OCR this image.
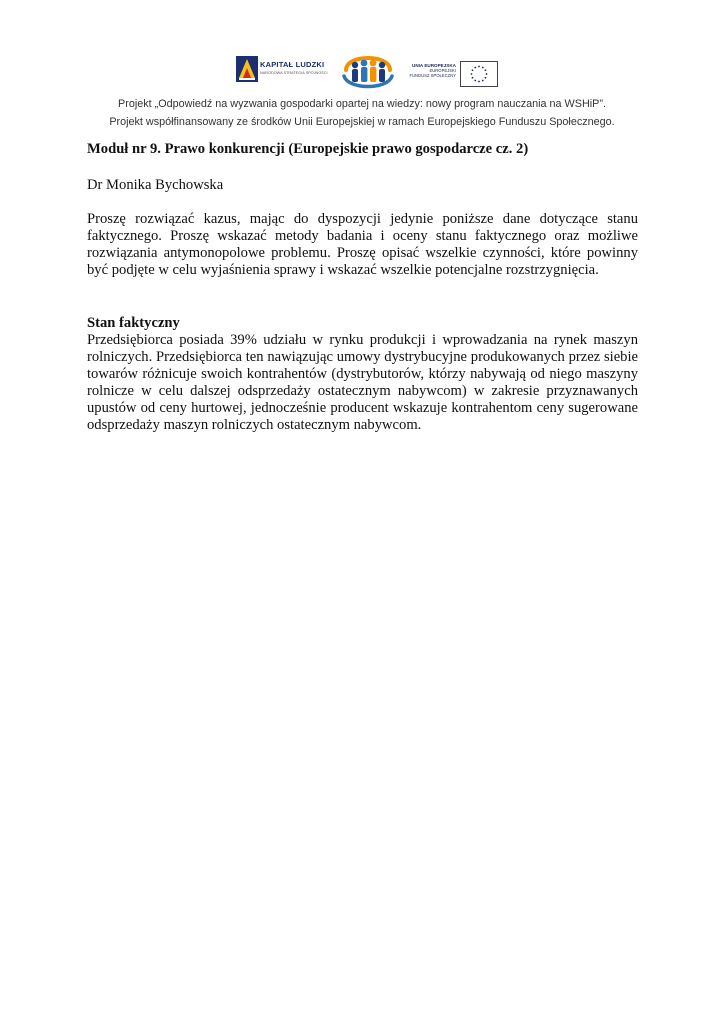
KAPITAŁ LUDZKI
NARODOWA STRATEGIA SPÓJNOŚCI
UNIA EUROPEJSKA
EUROPEJSKI
FUNDUSZ SPOŁECZNY
Projekt „Odpowiedź na wyzwania gospodarki opartej na wiedzy: nowy program nauczania na WSHiP”.
Projekt współfinansowany ze środków Unii Europejskiej w ramach Europejskiego Funduszu Społecznego.

Moduł nr 9. Prawo konkurencji (Europejskie prawo gospodarcze cz. 2)

Dr Monika Bychowska

Proszę rozwiązać kazus, mając do dyspozycji jedynie poniższe dane dotyczące stanu faktycznego. Proszę wskazać metody badania i oceny stanu faktycznego oraz możliwe rozwiązania antymonopolowe problemu. Proszę opisać wszelkie czynności, które powinny być podjęte w celu wyjaśnienia sprawy i wskazać wszelkie potencjalne rozstrzygnięcia.

Stan faktyczny

Przedsiębiorca posiada 39% udziału w rynku produkcji i wprowadzania na rynek maszyn rolniczych. Przedsiębiorca ten nawiązując umowy dystrybucyjne produkowanych przez siebie towarów różnicuje swoich kontrahentów (dystrybutorów, którzy nabywają od niego maszyny rolnicze w celu dalszej odsprzedaży ostatecznym nabywcom) w zakresie przyznawanych upustów od ceny hurtowej, jednocześnie producent wskazuje kontrahentom ceny sugerowane odsprzedaży maszyn rolniczych ostatecznym nabywcom.
